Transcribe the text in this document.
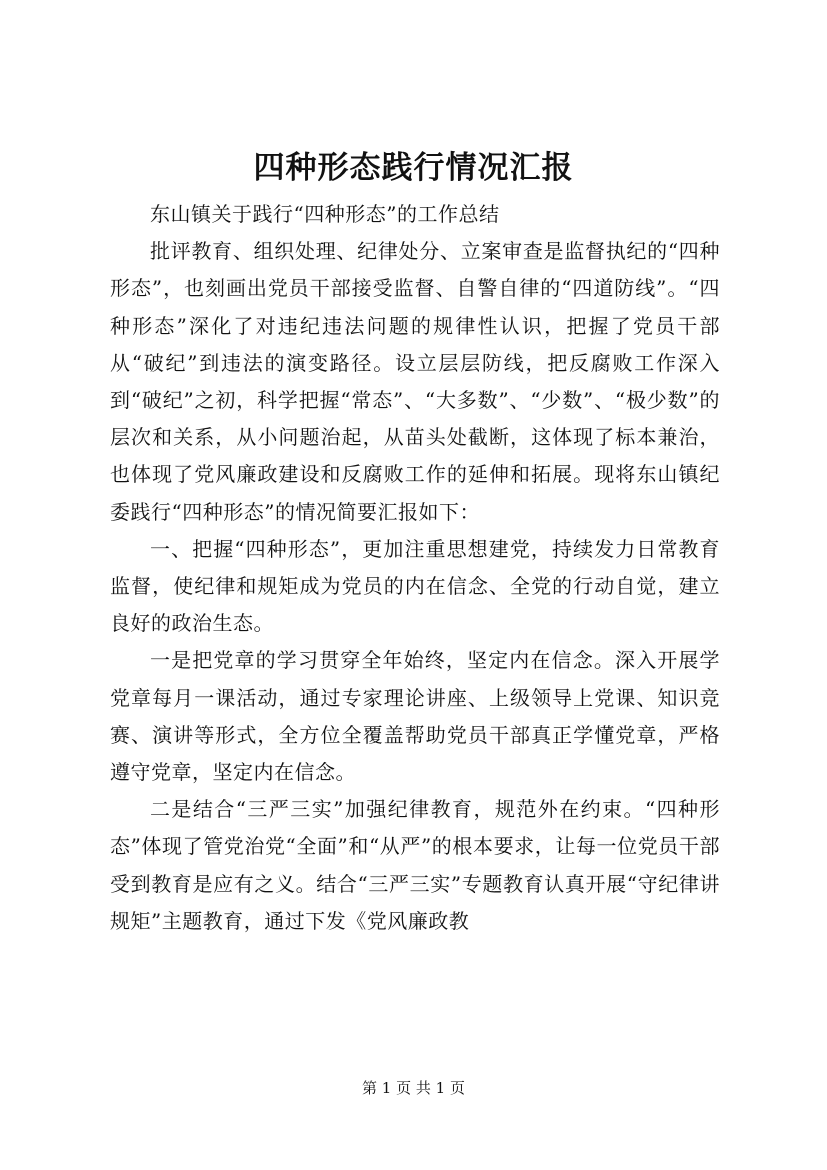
四种形态践行情况汇报

东山镇关于践行“四种形态”的工作总结

批评教育、组织处理、纪律处分、立案审查是监督执纪的“四种形态”，也刻画出党员干部接受监督、自警自律的“四道防线”。“四种形态”深化了对违纪违法问题的规律性认识，把握了党员干部从“破纪”到违法的演变路径。设立层层防线，把反腐败工作深入到“破纪”之初，科学把握“常态”、“大多数”、“少数”、“极少数”的层次和关系，从小问题治起，从苗头处截断，这体现了标本兼治，也体现了党风廉政建设和反腐败工作的延伸和拓展。现将东山镇纪委践行“四种形态”的情况简要汇报如下：

一、把握“四种形态”，更加注重思想建党，持续发力日常教育监督，使纪律和规矩成为党员的内在信念、全党的行动自觉，建立良好的政治生态。

一是把党章的学习贯穿全年始终，坚定内在信念。深入开展学党章每月一课活动，通过专家理论讲座、上级领导上党课、知识竞赛、演讲等形式，全方位全覆盖帮助党员干部真正学懂党章，严格遵守党章，坚定内在信念。

二是结合“三严三实”加强纪律教育，规范外在约束。“四种形态”体现了管党治党“全面”和“从严”的根本要求，让每一位党员干部受到教育是应有之义。结合“三严三实”专题教育认真开展“守纪律讲规矩”主题教育，通过下发《党风廉政教

第 1 页 共 1 页
